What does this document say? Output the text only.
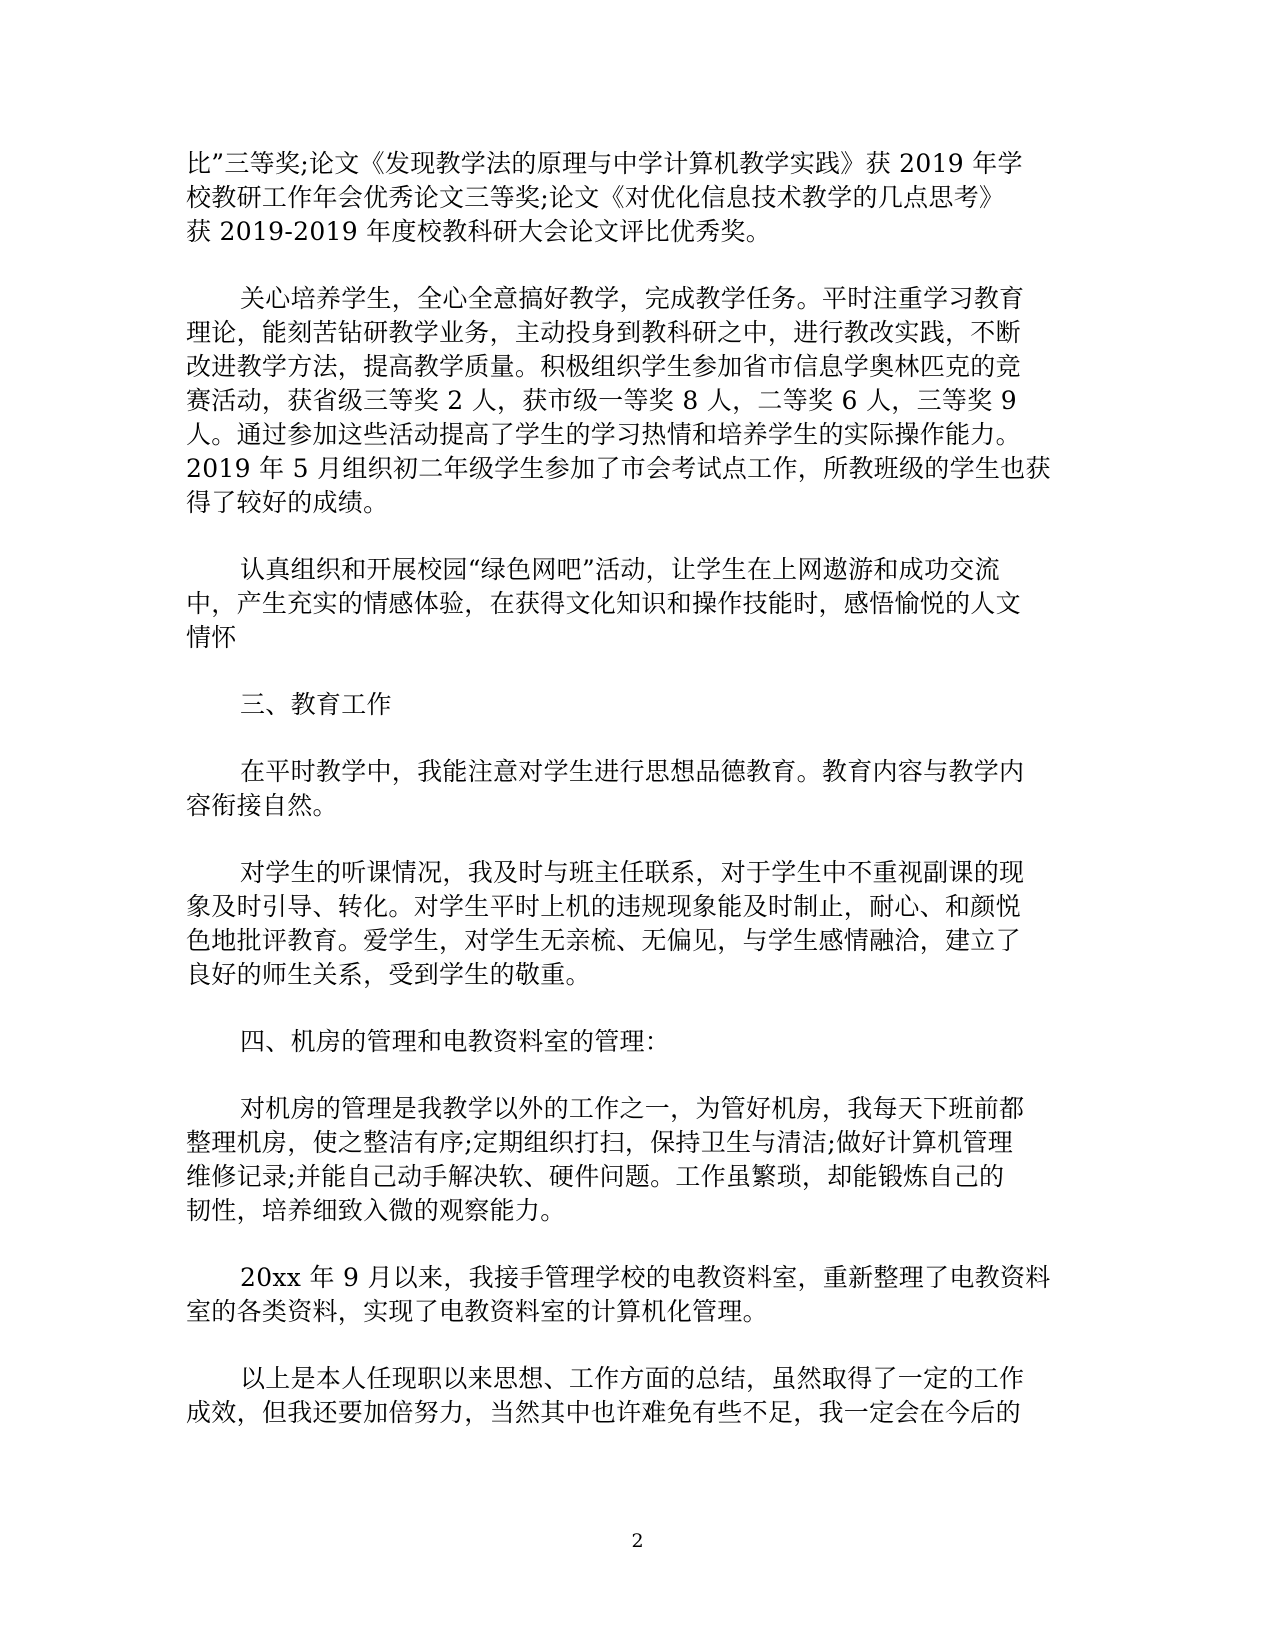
比”三等奖;论文《发现教学法的原理与中学计算机教学实践》获 2019 年学
校教研工作年会优秀论文三等奖;论文《对优化信息技术教学的几点思考》
获 2019-2019 年度校教科研大会论文评比优秀奖。
关心培养学生，全心全意搞好教学，完成教学任务。平时注重学习教育
理论，能刻苦钻研教学业务，主动投身到教科研之中，进行教改实践，不断
改进教学方法，提高教学质量。积极组织学生参加省市信息学奥林匹克的竞
赛活动，获省级三等奖 2 人，获市级一等奖 8 人，二等奖 6 人，三等奖 9
人。通过参加这些活动提高了学生的学习热情和培养学生的实际操作能力。
2019 年 5 月组织初二年级学生参加了市会考试点工作，所教班级的学生也获
得了较好的成绩。
认真组织和开展校园“绿色网吧”活动，让学生在上网遨游和成功交流
中，产生充实的情感体验，在获得文化知识和操作技能时，感悟愉悦的人文
情怀
三、教育工作
在平时教学中，我能注意对学生进行思想品德教育。教育内容与教学内
容衔接自然。
对学生的听课情况，我及时与班主任联系，对于学生中不重视副课的现
象及时引导、转化。对学生平时上机的违规现象能及时制止，耐心、和颜悦
色地批评教育。爱学生，对学生无亲梳、无偏见，与学生感情融洽，建立了
良好的师生关系，受到学生的敬重。
四、机房的管理和电教资料室的管理：
对机房的管理是我教学以外的工作之一，为管好机房，我每天下班前都
整理机房，使之整洁有序;定期组织打扫，保持卫生与清洁;做好计算机管理
维修记录;并能自己动手解决软、硬件问题。工作虽繁琐，却能锻炼自己的
韧性，培养细致入微的观察能力。
20xx 年 9 月以来，我接手管理学校的电教资料室，重新整理了电教资料
室的各类资料，实现了电教资料室的计算机化管理。
以上是本人任现职以来思想、工作方面的总结，虽然取得了一定的工作
成效，但我还要加倍努力，当然其中也许难免有些不足，我一定会在今后的
2
